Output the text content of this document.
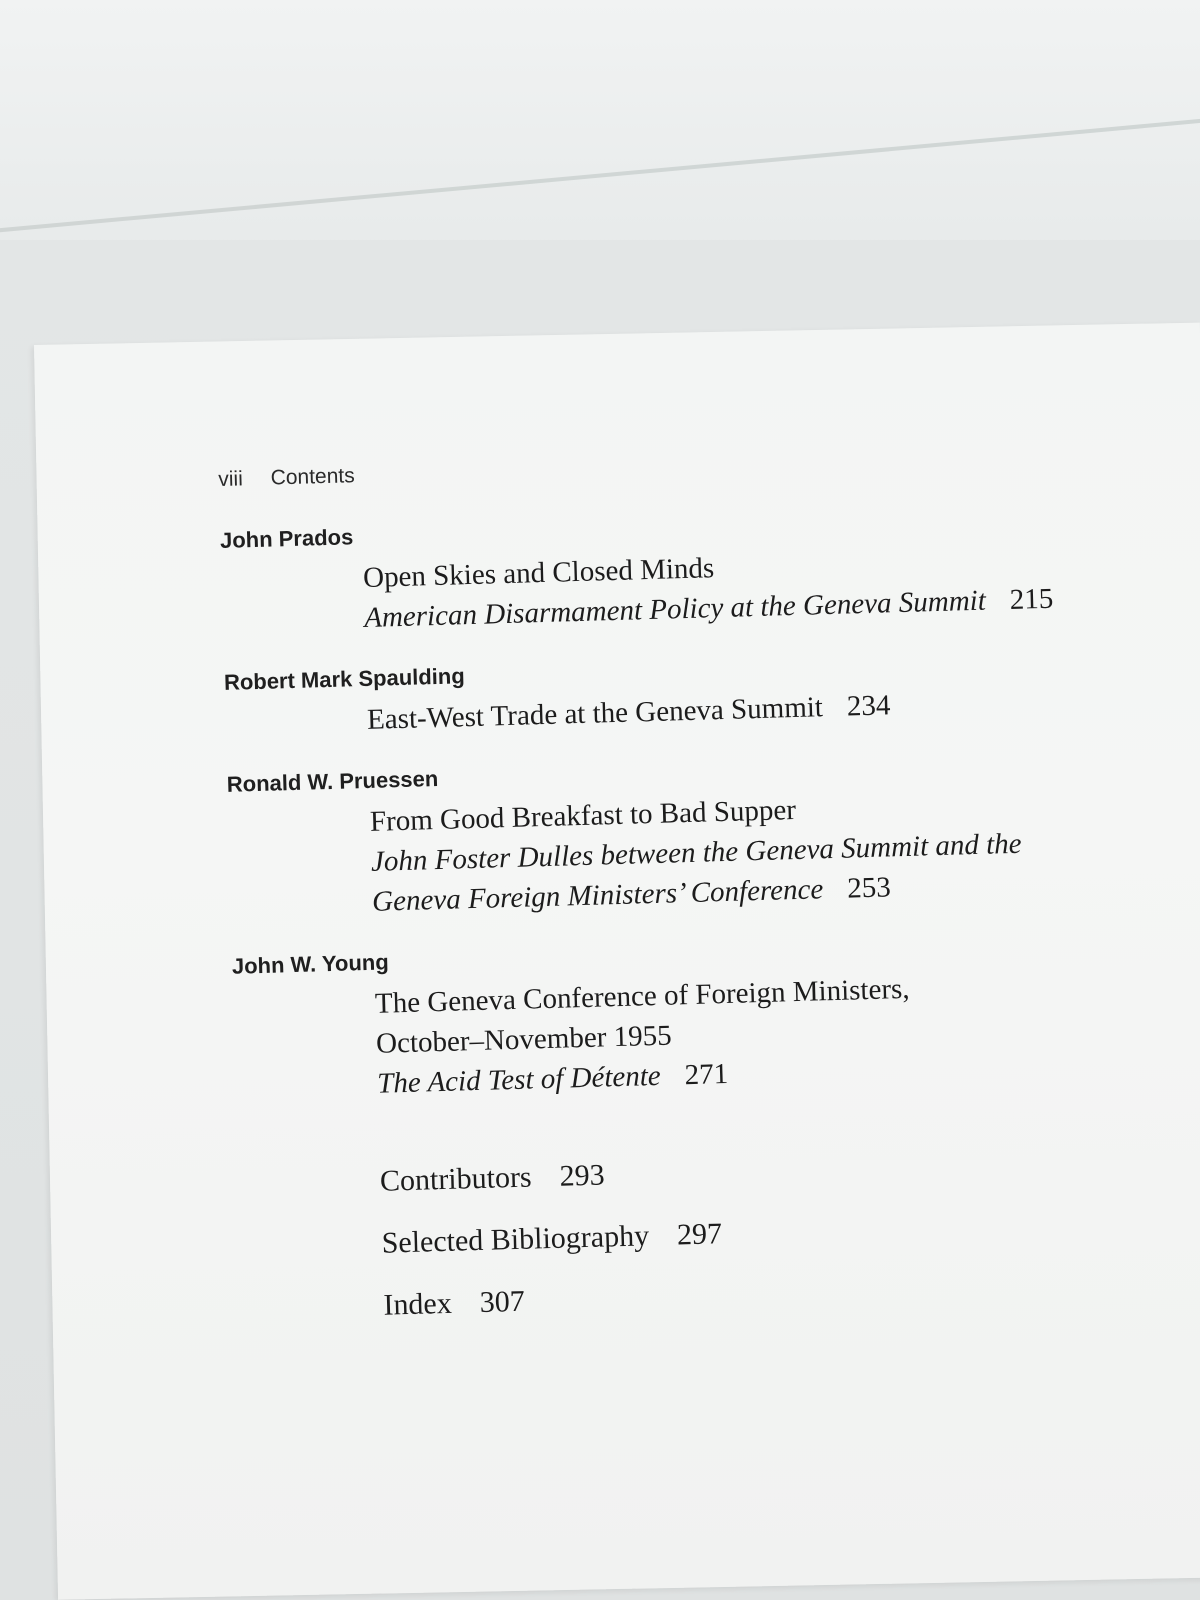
viii Contents
John Prados
Open Skies and Closed Minds
American Disarmament Policy at the Geneva Summit 215
Robert Mark Spaulding
East-West Trade at the Geneva Summit 234
Ronald W. Pruessen
From Good Breakfast to Bad Supper
John Foster Dulles between the Geneva Summit and the
Geneva Foreign Ministers’ Conference 253
John W. Young
The Geneva Conference of Foreign Ministers,
October–November 1955
The Acid Test of Détente 271
Contributors 293
Selected Bibliography 297
Index 307
